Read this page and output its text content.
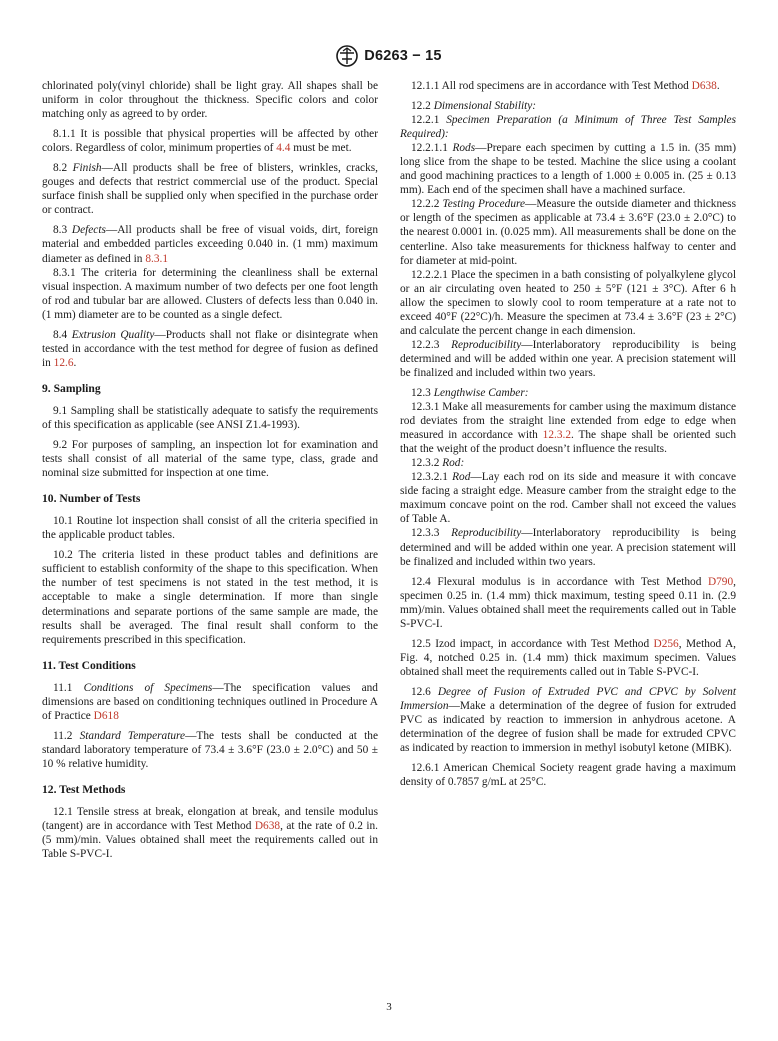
D6263 − 15

chlorinated poly(vinyl chloride) shall be light gray. All shapes shall be uniform in color throughout the thickness. Specific colors and color matching only as agreed to by order.

8.1.1 It is possible that physical properties will be affected by other colors. Regardless of color, minimum properties of 4.4 must be met.

8.2 Finish—All products shall be free of blisters, wrinkles, cracks, gouges and defects that restrict commercial use of the product. Special surface finish shall be supplied only when specified in the purchase order or contract.

8.3 Defects—All products shall be free of visual voids, dirt, foreign material and embedded particles exceeding 0.040 in. (1 mm) maximum diameter as defined in 8.3.1

8.3.1 The criteria for determining the cleanliness shall be external visual inspection. A maximum number of two defects per one foot length of rod and tubular bar are allowed. Clusters of defects less than 0.040 in. (1 mm) diameter are to be counted as a single defect.

8.4 Extrusion Quality—Products shall not flake or disintegrate when tested in accordance with the test method for degree of fusion as defined in 12.6.

9. Sampling

9.1 Sampling shall be statistically adequate to satisfy the requirements of this specification as applicable (see ANSI Z1.4-1993).

9.2 For purposes of sampling, an inspection lot for examination and tests shall consist of all material of the same type, class, grade and nominal size submitted for inspection at one time.

10. Number of Tests

10.1 Routine lot inspection shall consist of all the criteria specified in the applicable product tables.

10.2 The criteria listed in these product tables and definitions are sufficient to establish conformity of the shape to this specification. When the number of test specimens is not stated in the test method, it is acceptable to make a single determination. If more than single determinations and separate portions of the same sample are made, the results shall be averaged. The final result shall conform to the requirements prescribed in this specification.

11. Test Conditions

11.1 Conditions of Specimens—The specification values and dimensions are based on conditioning techniques outlined in Procedure A of Practice D618

11.2 Standard Temperature—The tests shall be conducted at the standard laboratory temperature of 73.4 ± 3.6°F (23.0 ± 2.0°C) and 50 ± 10 % relative humidity.

12. Test Methods

12.1 Tensile stress at break, elongation at break, and tensile modulus (tangent) are in accordance with Test Method D638, at the rate of 0.2 in. (5 mm)/min. Values obtained shall meet the requirements called out in Table S-PVC-I.

12.1.1 All rod specimens are in accordance with Test Method D638.

12.2 Dimensional Stability:

12.2.1 Specimen Preparation (a Minimum of Three Test Samples Required):

12.2.1.1 Rods—Prepare each specimen by cutting a 1.5 in. (35 mm) long slice from the shape to be tested. Machine the slice using a coolant and good machining practices to a length of 1.000 ± 0.005 in. (25 ± 0.13 mm). Each end of the specimen shall have a machined surface.

12.2.2 Testing Procedure—Measure the outside diameter and thickness or length of the specimen as applicable at 73.4 ± 3.6°F (23.0 ± 2.0°C) to the nearest 0.0001 in. (0.025 mm). All measurements shall be done on the centerline. Also take measurements for thickness halfway to center and for diameter at mid-point.

12.2.2.1 Place the specimen in a bath consisting of polyalkylene glycol or an air circulating oven heated to 250 ± 5°F (121 ± 3°C). After 6 h allow the specimen to slowly cool to room temperature at a rate not to exceed 40°F (22°C)/h. Measure the specimen at 73.4 ± 3.6°F (23 ± 2°C) and calculate the percent change in each dimension.

12.2.3 Reproducibility—Interlaboratory reproducibility is being determined and will be added within one year. A precision statement will be finalized and included within two years.

12.3 Lengthwise Camber:

12.3.1 Make all measurements for camber using the maximum distance rod deviates from the straight line extended from edge to edge when measured in accordance with 12.3.2. The shape shall be oriented such that the weight of the product doesn’t influence the results.

12.3.2 Rod:

12.3.2.1 Rod—Lay each rod on its side and measure it with concave side facing a straight edge. Measure camber from the straight edge to the maximum concave point on the rod. Camber shall not exceed the values of Table A.

12.3.3 Reproducibility—Interlaboratory reproducibility is being determined and will be added within one year. A precision statement will be finalized and included within two years.

12.4 Flexural modulus is in accordance with Test Method D790, specimen 0.25 in. (1.4 mm) thick maximum, testing speed 0.11 in. (2.9 mm)/min. Values obtained shall meet the requirements called out in Table S-PVC-I.

12.5 Izod impact, in accordance with Test Method D256, Method A, Fig. 4, notched 0.25 in. (1.4 mm) thick maximum specimen. Values obtained shall meet the requirements called out in Table S-PVC-I.

12.6 Degree of Fusion of Extruded PVC and CPVC by Solvent Immersion—Make a determination of the degree of fusion for extruded PVC as indicated by reaction to immersion in anhydrous acetone. A determination of the degree of fusion shall be made for extruded CPVC as indicated by reaction to immersion in methyl isobutyl ketone (MIBK).

12.6.1 American Chemical Society reagent grade having a maximum density of 0.7857 g/mL at 25°C.

3
